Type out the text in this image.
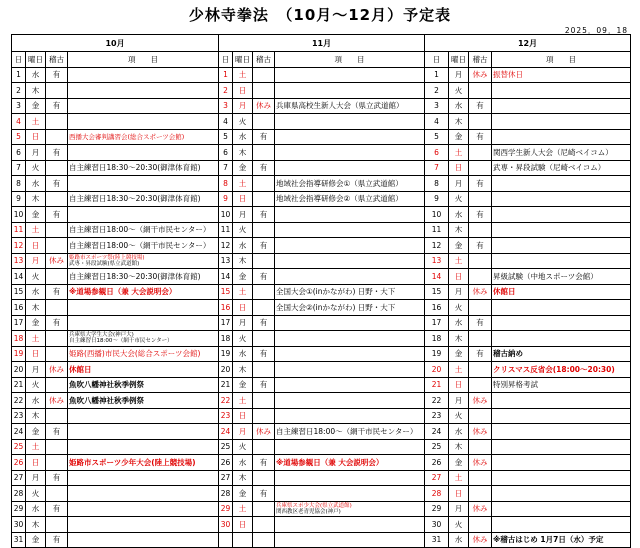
少林寺拳法　（10月～12月）予定表
2025．09．18
10月			
日	曜日	稽古	項　　目
1	水	有	
2	木		
3	金	有	
4	土		
5	日		西播大会審判講習会(総合スポーツ会館)
6	月	有	
7	火		自主練習日18:30～20:30(御津体育館)
8	水	有	
9	木		自主練習日18:30～20:30(御津体育館)
10	金	有	
11	土		自主練習日18:00～（網干市民センター）
12	日		自主練習日18:00～（網干市民センター）
13	月	休み	姫路市スポーツ祭(陸上競技場)
武専・昇段試験(県立武道館)

14	火		自主練習日18:30～20:30(御津体育館)
15	水	有	※道場参観日（兼 大会説明会）
16	木		
17	金	有	
18	土		兵庫県大学生大会(神戸大)
自主練習日18:00～（網干市民センター）

19	日		姫路(西播)市民大会(総合スポーツ会館)
20	月	休み	休館日
21	火		魚吹八幡神社秋季例祭
22	水	休み	魚吹八幡神社秋季例祭
23	木		
24	金	有	
25	土		
26	日		姫路市スポーツ少年大会(陸上競技場)
27	月	有	
28	火		
29	水	有	
30	木		
31	金	有	
11月			
日	曜日	稽古	項　　目
1	土		
2	日		
3	月	休み	兵庫県高校生新人大会（県立武道館）
4	火		
5	水	有	
6	木		
7	金	有	
8	土		地域社会指導研修会①（県立武道館）
9	日		地域社会指導研修会②（県立武道館）
10	月	有	
11	火		
12	水	有	
13	木		
14	金	有	
15	土		全国大会①(inかながわ) 日野・大下
16	日		全国大会②(inかながわ) 日野・大下
17	月	有	
18	火		
19	水	有	
20	木		
21	金	有	
22	土		
23	日		
24	月	休み	自主練習日18:00～（網干市民センター）
25	火		
26	水	有	※道場参観日（兼 大会説明会）
27	木		
28	金	有	
29	土		兵庫県スポ少大会(県立武道館)
関西教区老青児協会(神戸)

30	日		

12月			
日	曜日	稽古	項　　目
1	月	休み	振替休日
2	火		
3	水	有	
4	木		
5	金	有	
6	土		関西学生新人大会（尼崎ベイコム）
7	日		武専・昇段試験（尼崎ベイコム）
8	月	有	
9	火		
10	水	有	
11	木		
12	金	有	
13	土		
14	日		昇級試験（中地スポーツ会館）
15	月	休み	休館日
16	火		
17	水	有	
18	木		
19	金	有	稽古納め
20	土		クリスマス反省会(18:00～20:30)
21	日		特別昇格考試
22	月	休み	
23	火		
24	水	休み	
25	木		
26	金	休み	
27	土		
28	日		
29	月	休み	
30	火		
31	水	休み	※稽古はじめ 1月7日（水）予定
